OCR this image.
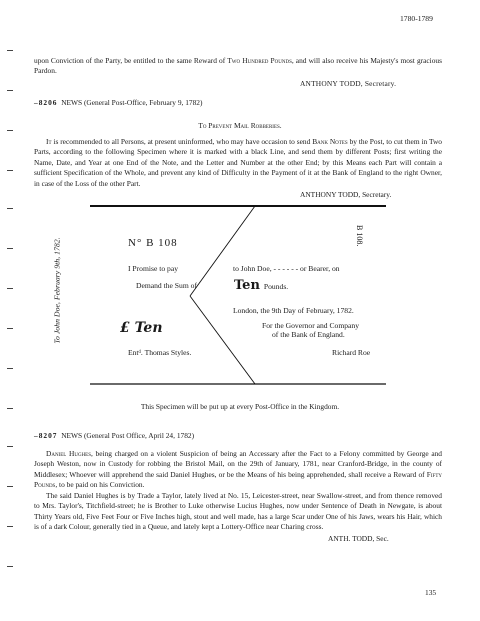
1780-1789
upon Conviction of the Party, be entitled to the same Reward of Two Hundred Pounds, and will also receive his Majesty's most gracious Pardon.
ANTHONY TODD, Secretary.
–8206 NEWS (General Post-Office, February 9, 1782)
To Prevent Mail Robberies.
It is recommended to all Persons, at present uninformed, who may have occasion to send Bank Notes by the Post, to cut them in Two Parts, according to the following Specimen where it is marked with a black Line, and send them by different Posts; first writing the Name, Date, and Year at one End of the Note, and the Letter and Number at the other End; by this Means each Part will contain a sufficient Specification of the Whole, and prevent any kind of Difficulty in the Payment of it at the Bank of England to the right Owner, in case of the Loss of the other Part.
ANTHONY TODD, Secretary.
To John Doe, February 9th, 1782.	N° B 108	B 108.
I Promise to pay
Demand the Sum of
£ Ten
Entᵈ. Thomas Styles.
to John Doe, - - - - - - or Bearer, on
Ten Pounds.
London, the 9th Day of February, 1782.
For the Governor and Company
of the Bank of England.
Richard Roe
This Specimen will be put up at every Post-Office in the Kingdom.
–8207 NEWS (General Post Office, April 24, 1782)
Daniel Hughes, being charged on a violent Suspicion of being an Accessary after the Fact to a Felony committed by George and Joseph Weston, now in Custody for robbing the Bristol Mail, on the 29th of January, 1781, near Cranford-Bridge, in the county of Middlesex; Whoever will apprehend the said Daniel Hughes, or be the Means of his being apprehended, shall receive a Reward of Fifty Pounds, to be paid on his Conviction.
The said Daniel Hughes is by Trade a Taylor, lately lived at No. 15, Leicester-street, near Swallow-street, and from thence removed to Mrs. Taylor's, Titchfield-street; he is Brother to Luke otherwise Lucius Hughes, now under Sentence of Death in Newgate, is about Thirty Years old, Five Feet Four or Five Inches high, stout and well made, has a large Scar under One of his Jaws, wears his Hair, which is of a dark Colour, generally tied in a Queue, and lately kept a Lottery-Office near Charing cross.
ANTH. TODD, Sec.
135
